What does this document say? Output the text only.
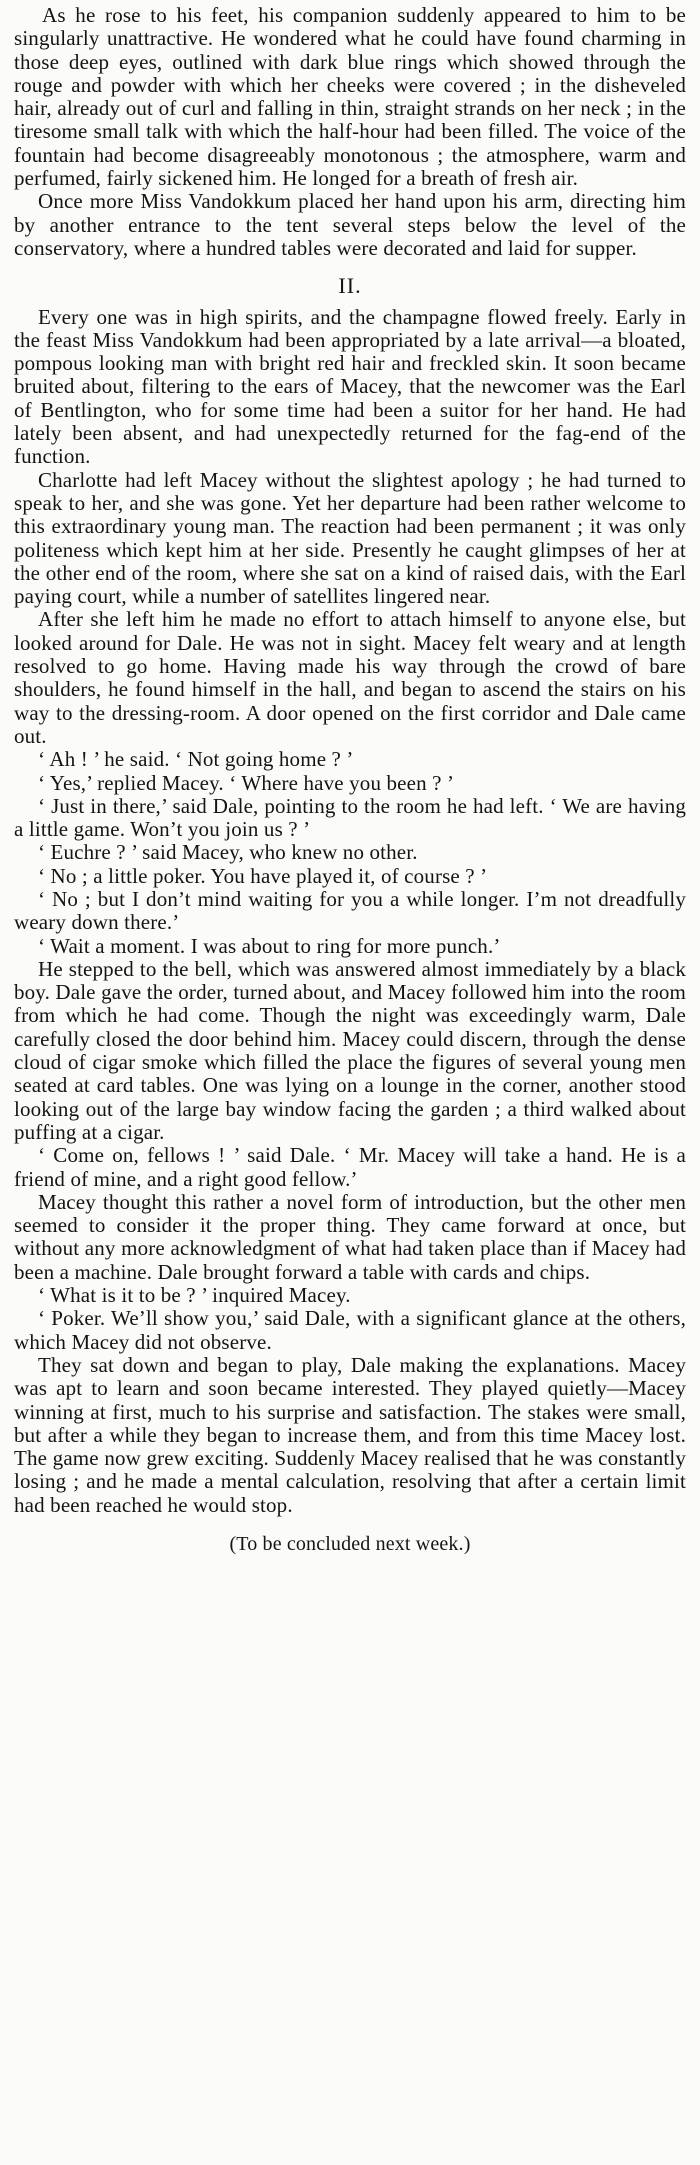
As he rose to his feet, his companion suddenly appeared to him to be singularly unattractive. He wondered what he could have found charming in those deep eyes, outlined with dark blue rings which showed through the rouge and powder with which her cheeks were covered ; in the disheveled hair, already out of curl and falling in thin, straight strands on her neck ; in the tiresome small talk with which the half-hour had been filled. The voice of the fountain had become disagreeably monotonous ; the atmosphere, warm and perfumed, fairly sickened him. He longed for a breath of fresh air.

Once more Miss Vandokkum placed her hand upon his arm, directing him by another entrance to the tent several steps below the level of the conservatory, where a hundred tables were decorated and laid for supper.

II.

Every one was in high spirits, and the champagne flowed freely. Early in the feast Miss Vandokkum had been appropriated by a late arrival—a bloated, pompous looking man with bright red hair and freckled skin. It soon became bruited about, filtering to the ears of Macey, that the newcomer was the Earl of Bentlington, who for some time had been a suitor for her hand. He had lately been absent, and had unexpectedly returned for the fag-end of the function.

Charlotte had left Macey without the slightest apology ; he had turned to speak to her, and she was gone. Yet her departure had been rather welcome to this extraordinary young man. The reaction had been permanent ; it was only politeness which kept him at her side. Presently he caught glimpses of her at the other end of the room, where she sat on a kind of raised dais, with the Earl paying court, while a number of satellites lingered near.

After she left him he made no effort to attach himself to anyone else, but looked around for Dale. He was not in sight. Macey felt weary and at length resolved to go home. Having made his way through the crowd of bare shoulders, he found himself in the hall, and began to ascend the stairs on his way to the dressing-room. A door opened on the first corridor and Dale came out.

‘ Ah ! ’ he said. ‘ Not going home ? ’

‘ Yes,’ replied Macey. ‘ Where have you been ? ’

‘ Just in there,’ said Dale, pointing to the room he had left. ‘ We are having a little game. Won’t you join us ? ’

‘ Euchre ? ’ said Macey, who knew no other.

‘ No ; a little poker. You have played it, of course ? ’

‘ No ; but I don’t mind waiting for you a while longer. I’m not dreadfully weary down there.’

‘ Wait a moment. I was about to ring for more punch.’

He stepped to the bell, which was answered almost immediately by a black boy. Dale gave the order, turned about, and Macey followed him into the room from which he had come. Though the night was exceedingly warm, Dale carefully closed the door behind him. Macey could discern, through the dense cloud of cigar smoke which filled the place the figures of several young men seated at card tables. One was lying on a lounge in the corner, another stood looking out of the large bay window facing the garden ; a third walked about puffing at a cigar.

‘ Come on, fellows ! ’ said Dale. ‘ Mr. Macey will take a hand. He is a friend of mine, and a right good fellow.’

Macey thought this rather a novel form of introduction, but the other men seemed to consider it the proper thing. They came forward at once, but without any more acknowledgment of what had taken place than if Macey had been a machine. Dale brought forward a table with cards and chips.

‘ What is it to be ? ’ inquired Macey.

‘ Poker. We’ll show you,’ said Dale, with a significant glance at the others, which Macey did not observe.

They sat down and began to play, Dale making the explanations. Macey was apt to learn and soon became interested. They played quietly—Macey winning at first, much to his surprise and satisfaction. The stakes were small, but after a while they began to increase them, and from this time Macey lost. The game now grew exciting. Suddenly Macey realised that he was constantly losing ; and he made a mental calculation, resolving that after a certain limit had been reached he would stop.

(To be concluded next week.)
